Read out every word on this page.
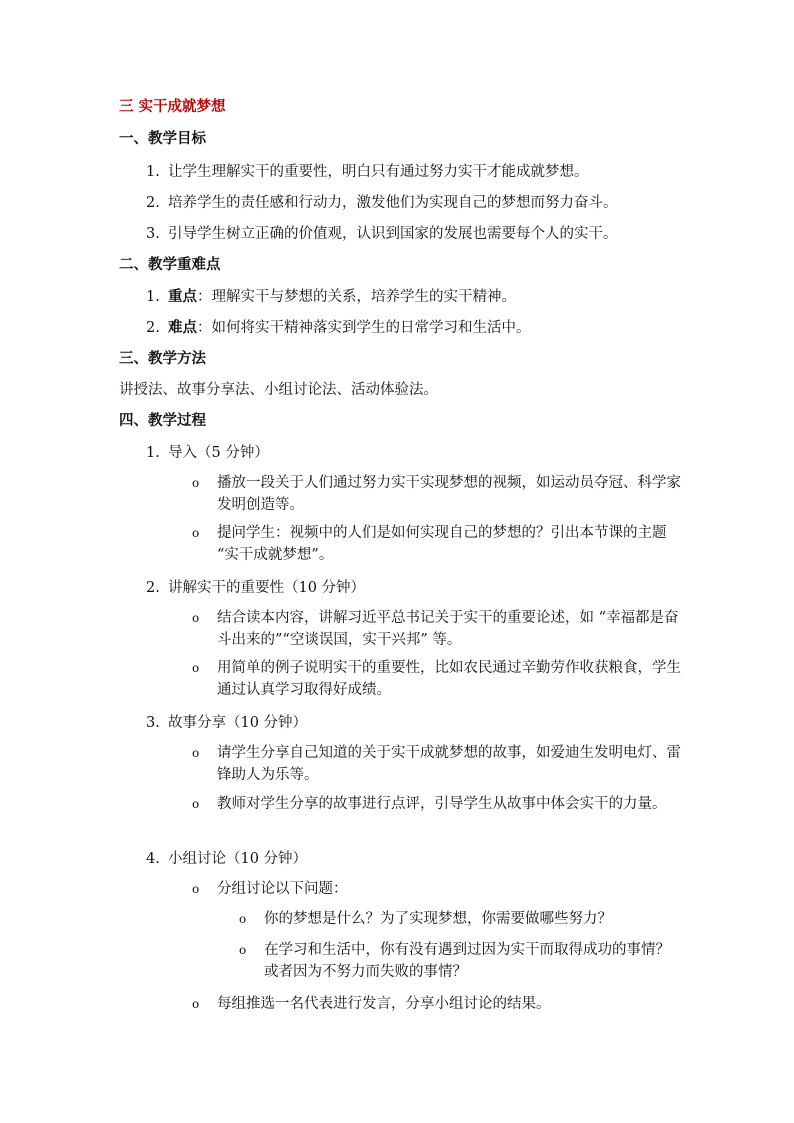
三 实干成就梦想
一、教学目标
1. 让学生理解实干的重要性，明白只有通过努力实干才能成就梦想。
2. 培养学生的责任感和行动力，激发他们为实现自己的梦想而努力奋斗。
3. 引导学生树立正确的价值观，认识到国家的发展也需要每个人的实干。
二、教学重难点
1. 重点：理解实干与梦想的关系，培养学生的实干精神。
2. 难点：如何将实干精神落实到学生的日常学习和生活中。
三、教学方法
讲授法、故事分享法、小组讨论法、活动体验法。
四、教学过程
1. 导入（5 分钟）
o 播放一段关于人们通过努力实干实现梦想的视频，如运动员夺冠、科学家发明创造等。
o 提问学生：视频中的人们是如何实现自己的梦想的？引出本节课的主题 “实干成就梦想”。
2. 讲解实干的重要性（10 分钟）
o 结合读本内容，讲解习近平总书记关于实干的重要论述，如 “幸福都是奋斗出来的”“空谈误国，实干兴邦” 等。
o 用简单的例子说明实干的重要性，比如农民通过辛勤劳作收获粮食，学生通过认真学习取得好成绩。
3. 故事分享（10 分钟）
o 请学生分享自己知道的关于实干成就梦想的故事，如爱迪生发明电灯、雷锋助人为乐等。
o 教师对学生分享的故事进行点评，引导学生从故事中体会实干的力量。
4. 小组讨论（10 分钟）
o 分组讨论以下问题：
o 你的梦想是什么？为了实现梦想，你需要做哪些努力？
o 在学习和生活中，你有没有遇到过因为实干而取得成功的事情？或者因为不努力而失败的事情？
o 每组推选一名代表进行发言，分享小组讨论的结果。
